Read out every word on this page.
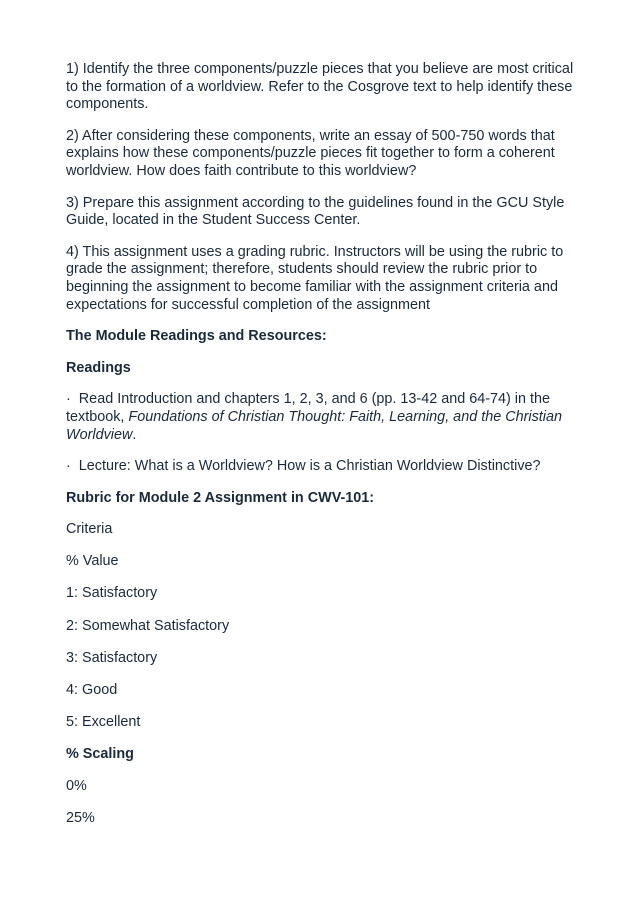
1) Identify the three components/puzzle pieces that you believe are most critical to the formation of a worldview. Refer to the Cosgrove text to help identify these components.

2) After considering these components, write an essay of 500-750 words that explains how these components/puzzle pieces fit together to form a coherent worldview. How does faith contribute to this worldview?

3) Prepare this assignment according to the guidelines found in the GCU Style Guide, located in the Student Success Center.

4) This assignment uses a grading rubric. Instructors will be using the rubric to grade the assignment; therefore, students should review the rubric prior to beginning the assignment to become familiar with the assignment criteria and expectations for successful completion of the assignment

The Module Readings and Resources:

Readings

·  Read Introduction and chapters 1, 2, 3, and 6 (pp. 13-42 and 64-74) in the textbook, Foundations of Christian Thought: Faith, Learning, and the Christian Worldview.

·  Lecture: What is a Worldview? How is a Christian Worldview Distinctive?

Rubric for Module 2 Assignment in CWV-101:

Criteria

% Value

1: Satisfactory

2: Somewhat Satisfactory

3: Satisfactory

4: Good

5: Excellent

% Scaling

0%

25%
